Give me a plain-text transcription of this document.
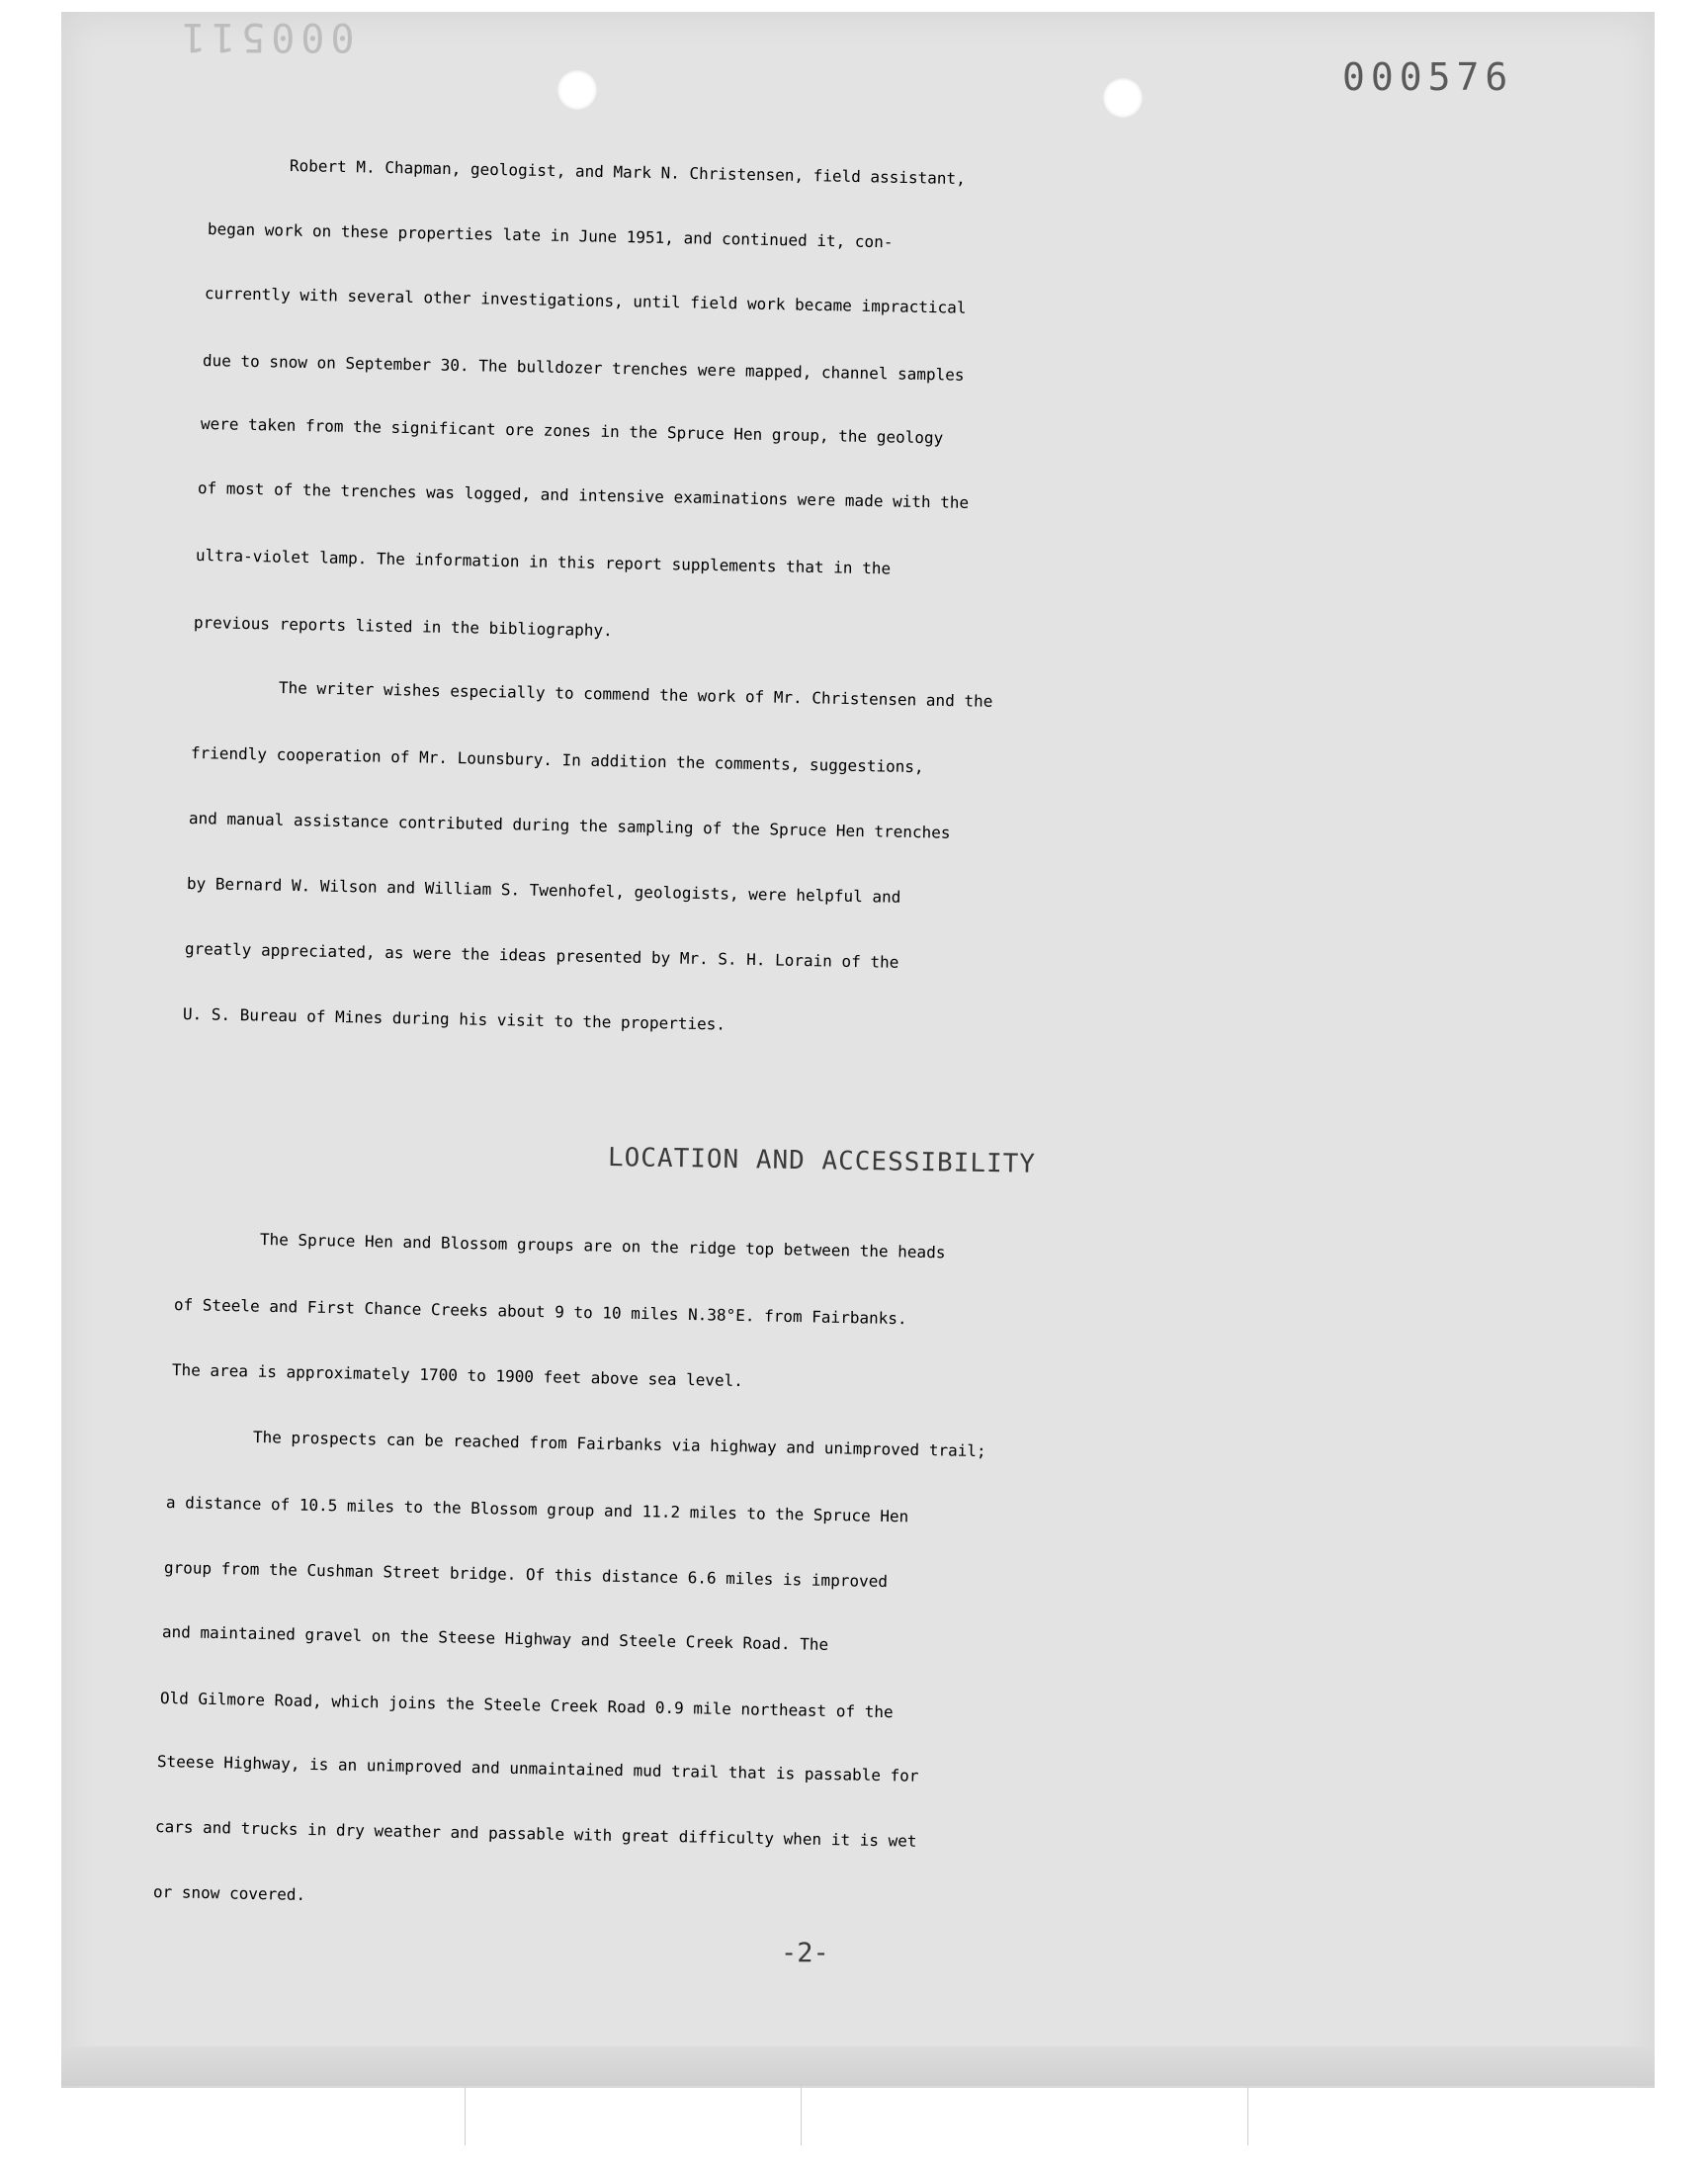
000511
000576
Robert M. Chapman, geologist, and Mark N. Christensen, field assistant,
began work on these properties late in June 1951, and continued it, con-
currently with several other investigations, until field work became impractical
due to snow on September 30. The bulldozer trenches were mapped, channel samples
were taken from the significant ore zones in the Spruce Hen group, the geology
of most of the trenches was logged, and intensive examinations were made with the
ultra-violet lamp. The information in this report supplements that in the
previous reports listed in the bibliography.
The writer wishes especially to commend the work of Mr. Christensen and the
friendly cooperation of Mr. Lounsbury. In addition the comments, suggestions,
and manual assistance contributed during the sampling of the Spruce Hen trenches
by Bernard W. Wilson and William S. Twenhofel, geologists, were helpful and
greatly appreciated, as were the ideas presented by Mr. S. H. Lorain of the
U. S. Bureau of Mines during his visit to the properties.
LOCATION AND ACCESSIBILITY
The Spruce Hen and Blossom groups are on the ridge top between the heads
of Steele and First Chance Creeks about 9 to 10 miles N.38°E. from Fairbanks.
The area is approximately 1700 to 1900 feet above sea level.
The prospects can be reached from Fairbanks via highway and unimproved trail;
a distance of 10.5 miles to the Blossom group and 11.2 miles to the Spruce Hen
group from the Cushman Street bridge. Of this distance 6.6 miles is improved
and maintained gravel on the Steese Highway and Steele Creek Road. The
Old Gilmore Road, which joins the Steele Creek Road 0.9 mile northeast of the
Steese Highway, is an unimproved and unmaintained mud trail that is passable for
cars and trucks in dry weather and passable with great difficulty when it is wet
or snow covered.
-2-
